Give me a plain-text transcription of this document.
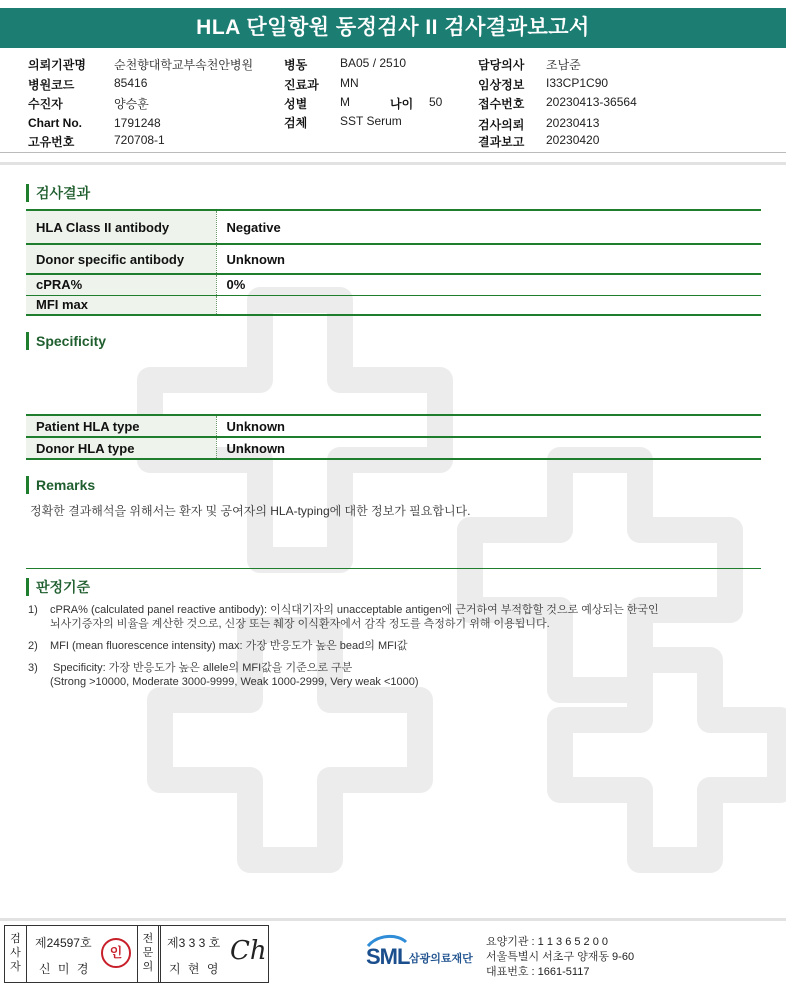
HLA 단일항원 동정검사 II 검사결과보고서
의뢰기관명 순천향대학교부속천안병원
병원코드	85416
수진자	양승훈
Chart No.	1791248
고유번호	720708-1
병동	BA05 / 2510
진료과 MN
성별	M	나이 50
검체	SST Serum
담당의사 조남준
임상정보 I33CP1C90
접수번호 20230413-36564
검사의뢰 20230413
결과보고 20230420
검사결과
HLA Class II antibody	Negative
Donor specific antibody	Unknown
cPRA%	0%
MFI max	
Specificity
Patient HLA type	Unknown
Donor HLA type	Unknown
Remarks
정확한 결과해석을 위해서는 환자 및 공여자의 HLA-typing에 대한 정보가 필요합니다.
판정기준
1) cPRA% (calculated panel reactive antibody): 이식대기자의 unacceptable antigen에 근거하여 부적합할 것으로 예상되는 한국인
뇌사기증자의 비율을 계산한 것으로, 신장 또는 췌장 이식환자에서 감작 정도를 측정하기 위해 이용됩니다.
2) MFI (mean fluorescence intensity) max: 가장 반응도가 높은 bead의 MFI값
3) Specificity: 가장 반응도가 높은 allele의 MFI값을 기준으로 구분
(Strong >10000, Moderate 3000-9999, Weak 1000-2999, Very weak <1000)
검사자
제24597호
신 미 경
인
전문의
제3 3 3 호
지 현 영
Ch	SML 삼광의료재단
요양기관 : 1 1 3 6 5 2 0 0
서울특별시 서초구 양재동 9-60
대표번호 : 1661-5117
